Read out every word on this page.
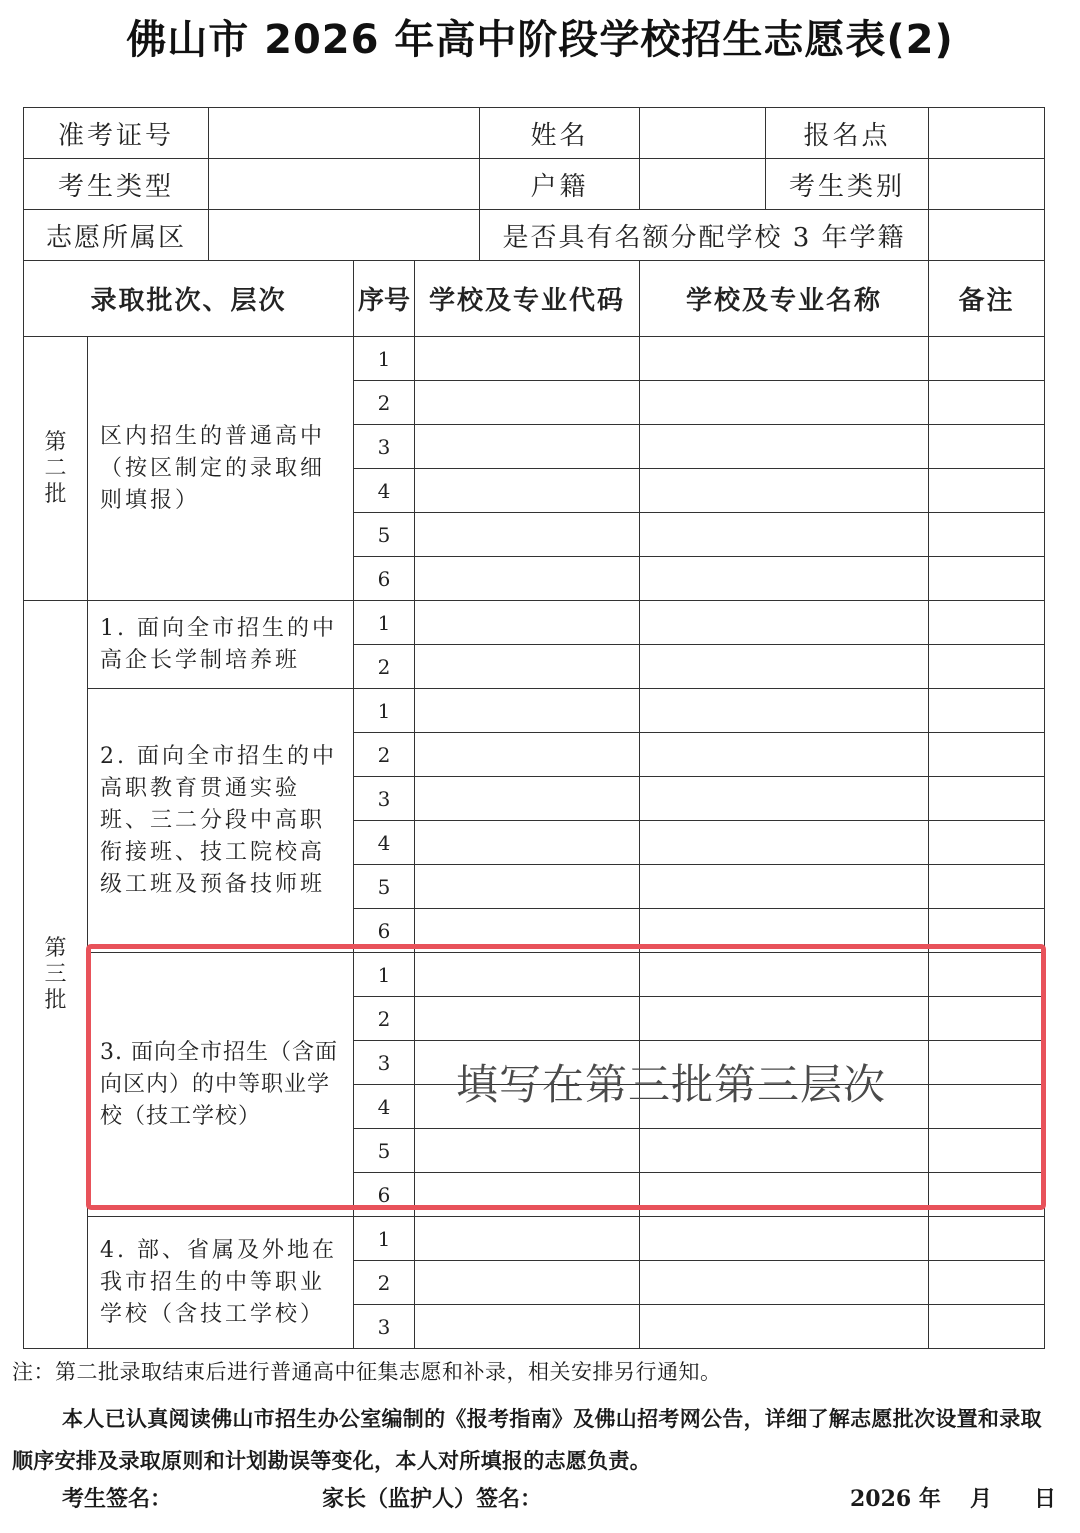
佛山市 2026 年高中阶段学校招生志愿表(2)
准考证号					姓名		报名点	
考生类型					户籍		考生类别	
志愿所属区					是否具有名额分配学校 3 年学籍			
录取批次、层次			序号	学校及专业代码		学校及专业名称		备注

第二批	区内招生的普通高中（按区制定的录取细则填报）		1					
			2					
			3					
			4					
			5					
			6					

第三批	1. 面向全市招生的中高企长学制培养班		1					
			2					
	2. 面向全市招生的中高职教育贯通实验班、三二分段中高职衔接班、技工院校高级工班及预备技师班		1					
			2					
			3					
			4					
			5					
			6					
	3. 面向全市招生（含面向区内）的中等职业学校（技工学校）		1					
			2					
			3					
			4					
			5					
			6					
	4. 部、省属及外地在我市招生的中等职业学校（含技工学校）		1					
			2					
			3					
填写在第三批第三层次
注：第二批录取结束后进行普通高中征集志愿和补录，相关安排另行通知。
本人已认真阅读佛山市招生办公室编制的《报考指南》及佛山招考网公告，详细了解志愿批次设置和录取顺序安排及录取原则和计划勘误等变化，本人对所填报的志愿负责。
考生签名：	家长（监护人）签名：	2026 年 月 日
